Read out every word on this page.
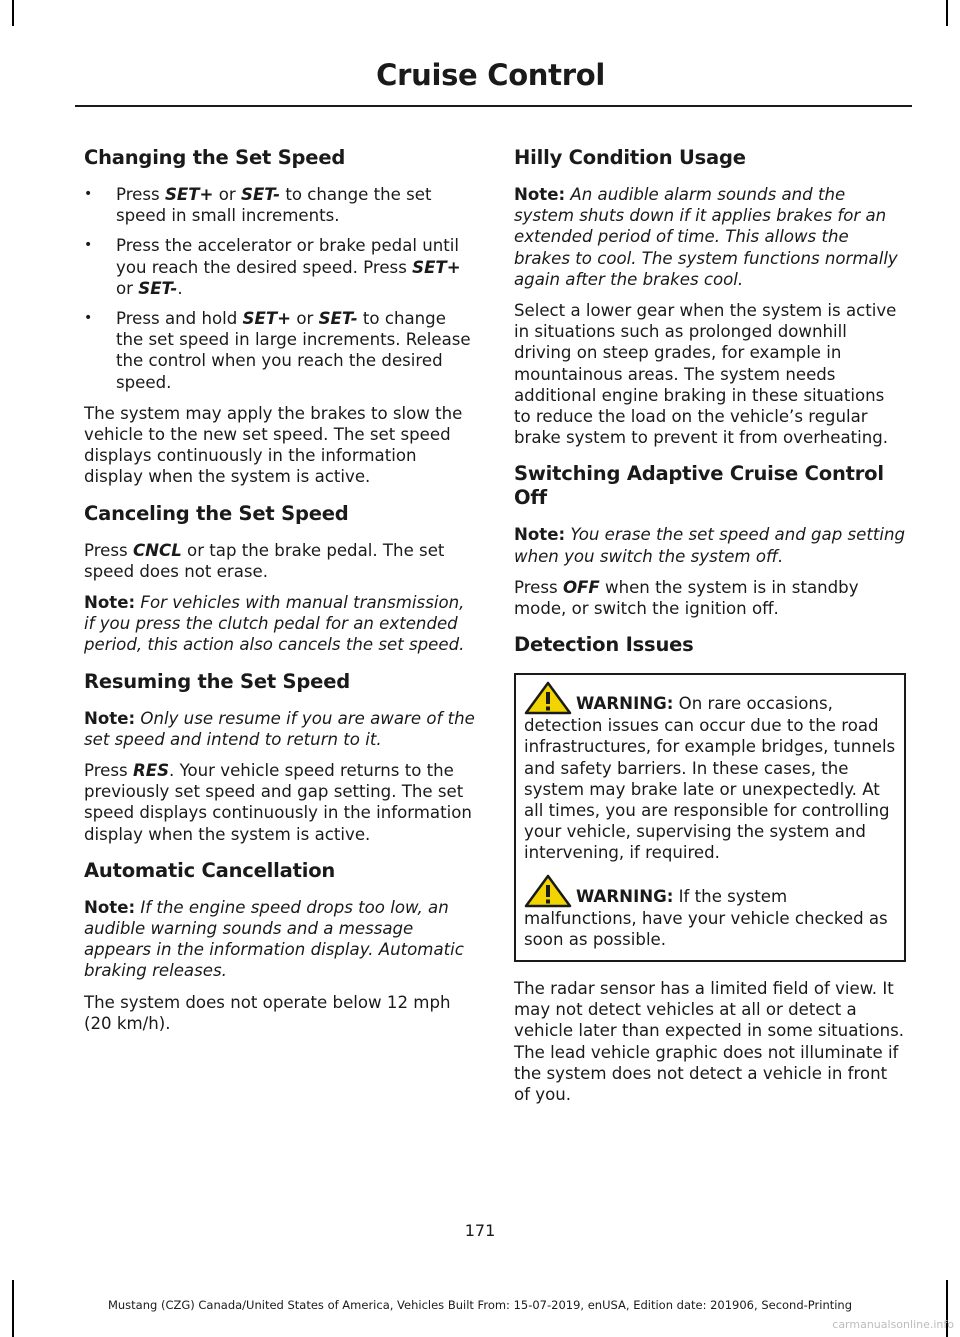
Cruise Control
Changing the Set Speed
• Press SET+ or SET- to change the set speed in small increments.
• Press the accelerator or brake pedal until you reach the desired speed. Press SET+ or SET-.
• Press and hold SET+ or SET- to change the set speed in large increments. Release the control when you reach the desired speed.

The system may apply the brakes to slow the vehicle to the new set speed. The set speed displays continuously in the information display when the system is active.

Canceling the Set Speed

Press CNCL or tap the brake pedal. The set speed does not erase.

Note: For vehicles with manual transmission, if you press the clutch pedal for an extended period, this action also cancels the set speed.

Resuming the Set Speed

Note: Only use resume if you are aware of the set speed and intend to return to it.

Press RES. Your vehicle speed returns to the previously set speed and gap setting. The set speed displays continuously in the information display when the system is active.

Automatic Cancellation

Note: If the engine speed drops too low, an audible warning sounds and a message appears in the information display. Automatic braking releases.

The system does not operate below 12 mph (20 km/h).

Hilly Condition Usage

Note: An audible alarm sounds and the system shuts down if it applies brakes for an extended period of time. This allows the brakes to cool. The system functions normally again after the brakes cool.

Select a lower gear when the system is active in situations such as prolonged downhill driving on steep grades, for example in mountainous areas. The system needs additional engine braking in these situations to reduce the load on the vehicle’s regular brake system to prevent it from overheating.

Switching Adaptive Cruise Control Off

Note: You erase the set speed and gap setting when you switch the system off.

Press OFF when the system is in standby mode, or switch the ignition off.

Detection Issues

WARNING: On rare occasions, detection issues can occur due to the road infrastructures, for example bridges, tunnels and safety barriers. In these cases, the system may brake late or unexpectedly. At all times, you are responsible for controlling your vehicle, supervising the system and intervening, if required.

WARNING: If the system malfunctions, have your vehicle checked as soon as possible.

The radar sensor has a limited field of view. It may not detect vehicles at all or detect a vehicle later than expected in some situations. The lead vehicle graphic does not illuminate if the system does not detect a vehicle in front of you.

171
Mustang (CZG) Canada/United States of America, Vehicles Built From: 15-07-2019, enUSA, Edition date: 201906, Second-Printing
carmanualsonline.info
